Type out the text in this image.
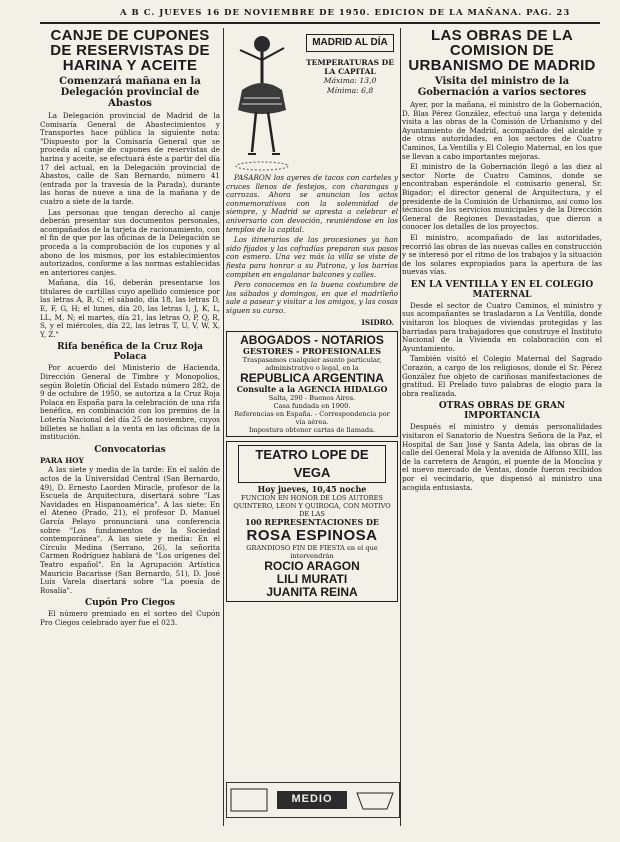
A B C. JUEVES 16 DE NOVIEMBRE DE 1950. EDICION DE LA MAÑANA. PAG. 23
CANJE DE CUPONES DE RESERVISTAS DE HARINA Y ACEITE
Comenzará mañana en la Delegación provincial de Abastos

La Delegación provincial de Madrid de la Comisaría General de Abastecimientos y Transportes hace pública la siguiente nota: "Dispuesto por la Comisaría General que se proceda al canje de cupones de reservistas de harina y aceite, se efectuará éste a partir del día 17 del actual, en la Delegación provincial de Abastos, calle de San Bernardo, número 41 (entrada por la travesía de la Parada), durante las horas de nueve a una de la mañana y de cuatro a siete de la tarde.

Las personas que tengan derecho al canje deberán presentar sus documentos personales, acompañados de la tarjeta de racionamiento, con el fin de que por las oficinas de la Delegación se proceda a la comprobación de los cupones y al abono de los mismos, por los establecimientos autorizados, conforme a las normas establecidas en anteriores canjes.

Mañana, día 16, deberán presentarse los titulares de cartillas cuyo apellido comience por las letras A, B, C; el sábado, día 18, las letras D, E, F, G, H; el lunes, día 20, las letras I, J, K, L, LL, M, N; el martes, día 21, las letras O, P, Q, R, S, y el miércoles, día 22, las letras T, U, V, W, X, Y, Z."

Rifa benéfica de la Cruz Roja Polaca

Por acuerdo del Ministerio de Hacienda, Dirección General de Timbre y Monopolios, según Boletín Oficial del Estado número 282, de 9 de octubre de 1950, se autoriza a la Cruz Roja Polaca en España para la celebración de una rifa benéfica, en combinación con los premios de la Lotería Nacional del día 25 de noviembre, cuyos billetes se hallan a la venta en las oficinas de la institución.

Convocatorias

PARA HOY

A las siete y media de la tarde: En el salón de actos de la Universidad Central (San Bernardo, 49), D. Ernesto Laorden Miracle, profesor de la Escuela de Arquitectura, disertará sobre "Las Navidades en Hispanoamérica". A las siete: En el Ateneo (Prado, 21), el profesor D. Manuel García Pelayo pronunciará una conferencia sobre "Los fundamentos de la Sociedad contemporánea". A las siete y media: En el Círculo Medina (Serrano, 26), la señorita Carmen Rodríguez hablará de "Los orígenes del Teatro español". En la Agrupación Artística Mauricio Bacarisse (San Bernardo, 51), D. José Luis Varela disertará sobre "La poesía de Rosalía".

Cupón Pro Ciegos

El número premiado en el sorteo del Cupón Pro Ciegos celebrado ayer fue el 023.

MADRID AL DÍA
TEMPERATURAS DE LA CAPITAL
Máxima: 13,0
Mínima: 6,8

PASARON los ayeres de tacos con carteles y cruces llenos de festejos, con charangas y carrozas. Ahora se anuncian los actos conmemorativos con la solemnidad de siempre, y Madrid se apresta a celebrar el aniversario con devoción, reuniéndose en los templos de la capital.

Los itinerarios de las procesiones ya han sido fijados y las cofradías preparan sus pasos con esmero. Una vez más la villa se viste de fiesta para honrar a su Patrona, y los barrios compiten en engalanar balcones y calles.

Pero conocemos en la buena costumbre de los sábados y domingos, en que el madrileño sale a pasear y visitar a los amigos, y las cosas siguen su curso.

ISIDRO.
ABOGADOS - NOTARIOS
GESTORES - PROFESIONALES
Traspasamos cualquier asunto particular, administrativo o legal, en la
REPUBLICA ARGENTINA
Consulte a la AGENCIA HIDALGO
Salta, 290 - Buenos Aires.
Casa fundada en 1900.
Referencias en España. - Correspondencia por vía aérea.
Impostura obtener cartas de llamada.
TEATRO LOPE DE VEGA
Hoy jueves, 10,45 noche
FUNCION EN HONOR DE LOS AUTORES QUINTERO, LEON Y QUIROGA, CON MOTIVO DE LAS
100 REPRESENTACIONES DE
ROSA ESPINOSA
GRANDIOSO FIN DE FIESTA en el que intervendrán
ROCIO ARAGON
LILI MURATI
JUANITA REINA
LAS OBRAS DE LA COMISION DE URBANISMO DE MADRID
Visita del ministro de la Gobernación a varios sectores

Ayer, por la mañana, el ministro de la Gobernación, D. Blas Pérez González, efectuó una larga y detenida visita a las obras de la Comisión de Urbanismo y del Ayuntamiento de Madrid, acompañado del alcalde y de otras autoridades, en los sectores de Cuatro Caminos, La Ventilla y El Colegio Maternal, en los que se llevan a cabo importantes mejoras.

El ministro de la Gobernación llegó a las diez al sector Norte de Cuatro Caminos, donde se encontraban esperándole el comisario general, Sr. Bigador; el director general de Arquitectura, y el presidente de la Comisión de Urbanismo, así como los técnicos de los servicios municipales y de la Dirección General de Regiones Devastadas, que dieron a conocer los detalles de los proyectos.

El ministro, acompañado de las autoridades, recorrió las obras de las nuevas calles en construcción y se interesó por el ritmo de los trabajos y la situación de los solares expropiados para la apertura de las nuevas vías.

EN LA VENTILLA Y EN EL COLEGIO MATERNAL

Desde el sector de Cuatro Caminos, el ministro y sus acompañantes se trasladaron a La Ventilla, donde visitaron los bloques de viviendas protegidas y las barriadas para trabajadores que construye el Instituto Nacional de la Vivienda en colaboración con el Ayuntamiento.

También visitó el Colegio Maternal del Sagrado Corazón, a cargo de los religiosos, donde el Sr. Pérez González fue objeto de cariñosas manifestaciones de gratitud. El Prelado tuvo palabras de elogio para la obra realizada.

OTRAS OBRAS DE GRAN IMPORTANCIA

Después el ministro y demás personalidades visitaron el Sanatorio de Nuestra Señora de la Paz, el Hospital de San José y Santa Adela, las obras de la calle del General Mola y la avenida de Alfonso XIII, las de la carretera de Aragón, el puente de la Moncloa y el nuevo mercado de Ventas, donde fueron recibidos por el vecindario, que dispensó al ministro una acogida entusiasta.

MEDIO
